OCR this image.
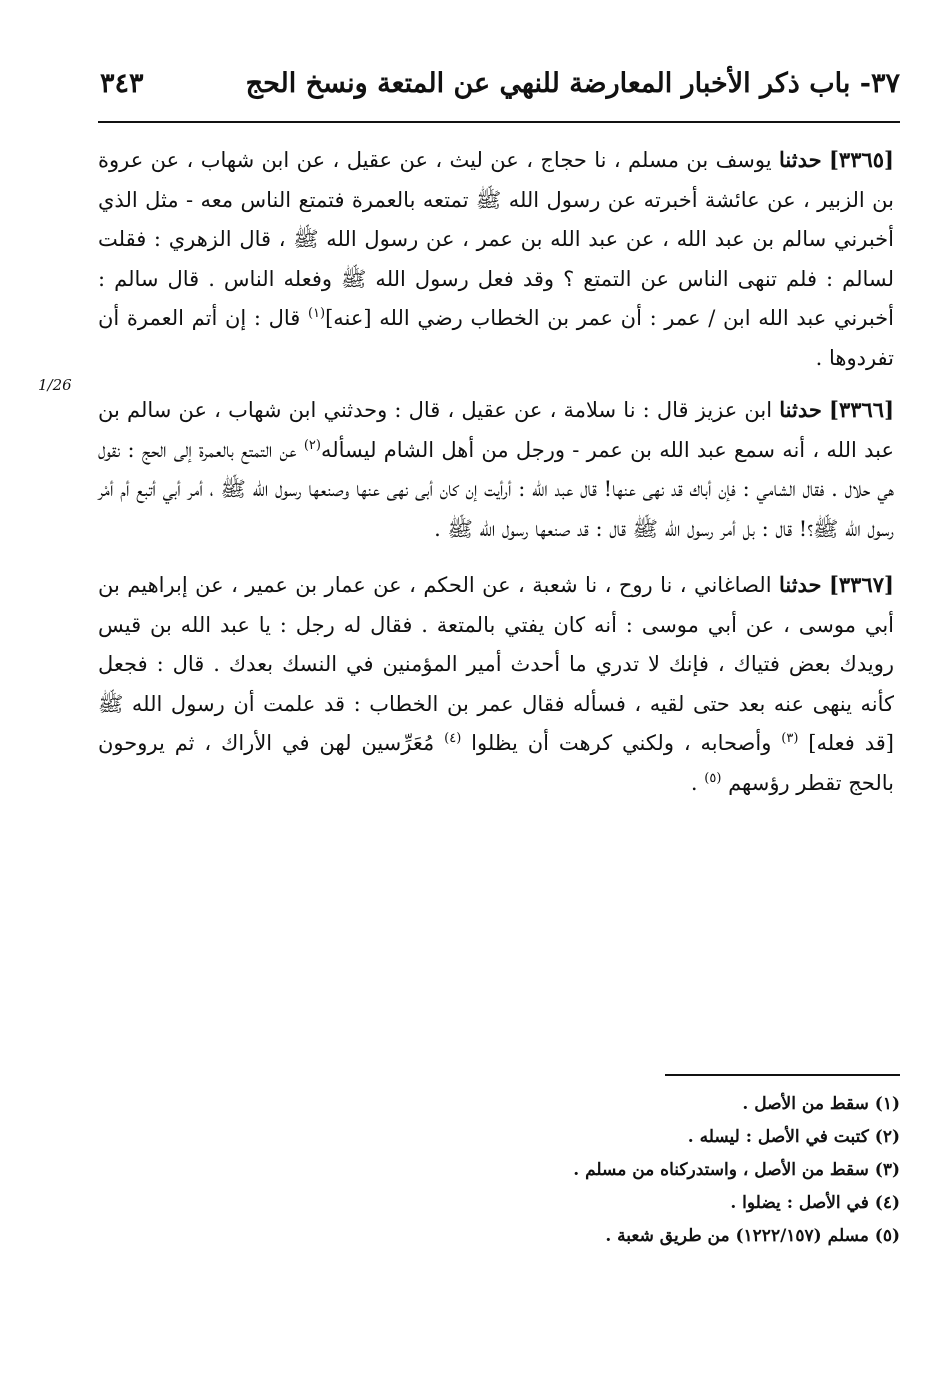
٣٧- باب ذكر الأخبار المعارضة للنهي عن المتعة ونسخ الحج
٣٤٣
1/26

[٣٣٦٥] حدثنا يوسف بن مسلم ، نا حجاج ، عن ليث ، عن عقيل ، عن ابن شهاب ، عن عروة بن الزبير ، عن عائشة أخبرته عن رسول الله ﷺ تمتعه بالعمرة فتمتع الناس معه - مثل الذي أخبرني سالم بن عبد الله ، عن عبد الله بن عمر ، عن رسول الله ﷺ ، قال الزهري : فقلت لسالم : فلم تنهى الناس عن التمتع ؟ وقد فعل رسول الله ﷺ وفعله الناس . قال سالم : أخبرني عبد الله ابن / عمر : أن عمر بن الخطاب رضي الله [عنه]$^{(١)}$ قال : إن أتم العمرة أن تفردوها .

[٣٣٦٦] حدثنا ابن عزيز قال : نا سلامة ، عن عقيل ، قال : وحدثني ابن شهاب ، عن سالم بن عبد الله ، أنه سمع عبد الله بن عمر - ورجل من أهل الشام ليسأله$^{(٢)}$ عن التمتع بالعمرة إلى الحج : نقول هي حلال . فقال الشامي : فإن أباك قد نهى عنها! قال عبد الله : أرأيت إن كان أبى نهى عنها وصنعها رسول الله ﷺ ، أمر أبي أتبع أم أمْر رسول الله ﷺ؟! قال : بل أمر رسول الله ﷺ قال : قد صنعها رسول الله ﷺ .

[٣٣٦٧] حدثنا الصاغاني ، نا روح ، نا شعبة ، عن الحكم ، عن عمار بن عمير ، عن إبراهيم بن أبي موسى ، عن أبي موسى : أنه كان يفتي بالمتعة . فقال له رجل : يا عبد الله بن قيس رويدك بعض فتياك ، فإنك لا تدري ما أحدث أمير المؤمنين في النسك بعدك . قال : فجعل كأنه ينهى عنه بعد حتى لقيه ، فسأله فقال عمر بن الخطاب : قد علمت أن رسول الله ﷺ [قد فعله] $^{(٣)}$ وأصحابه ، ولكني كرهت أن يظلوا $^{(٤)}$ مُعَرِّسين لهن في الأراك ، ثم يروحون بالحج تقطر رؤسهم $^{(٥)}$ .

(١) سقط من الأصل .

(٢) كتبت في الأصل : ليسله .

(٣) سقط من الأصل ، واستدركناه من مسلم .

(٤) في الأصل : يضلوا .

(٥) مسلم (١٢٢٢/١٥٧) من طريق شعبة .
